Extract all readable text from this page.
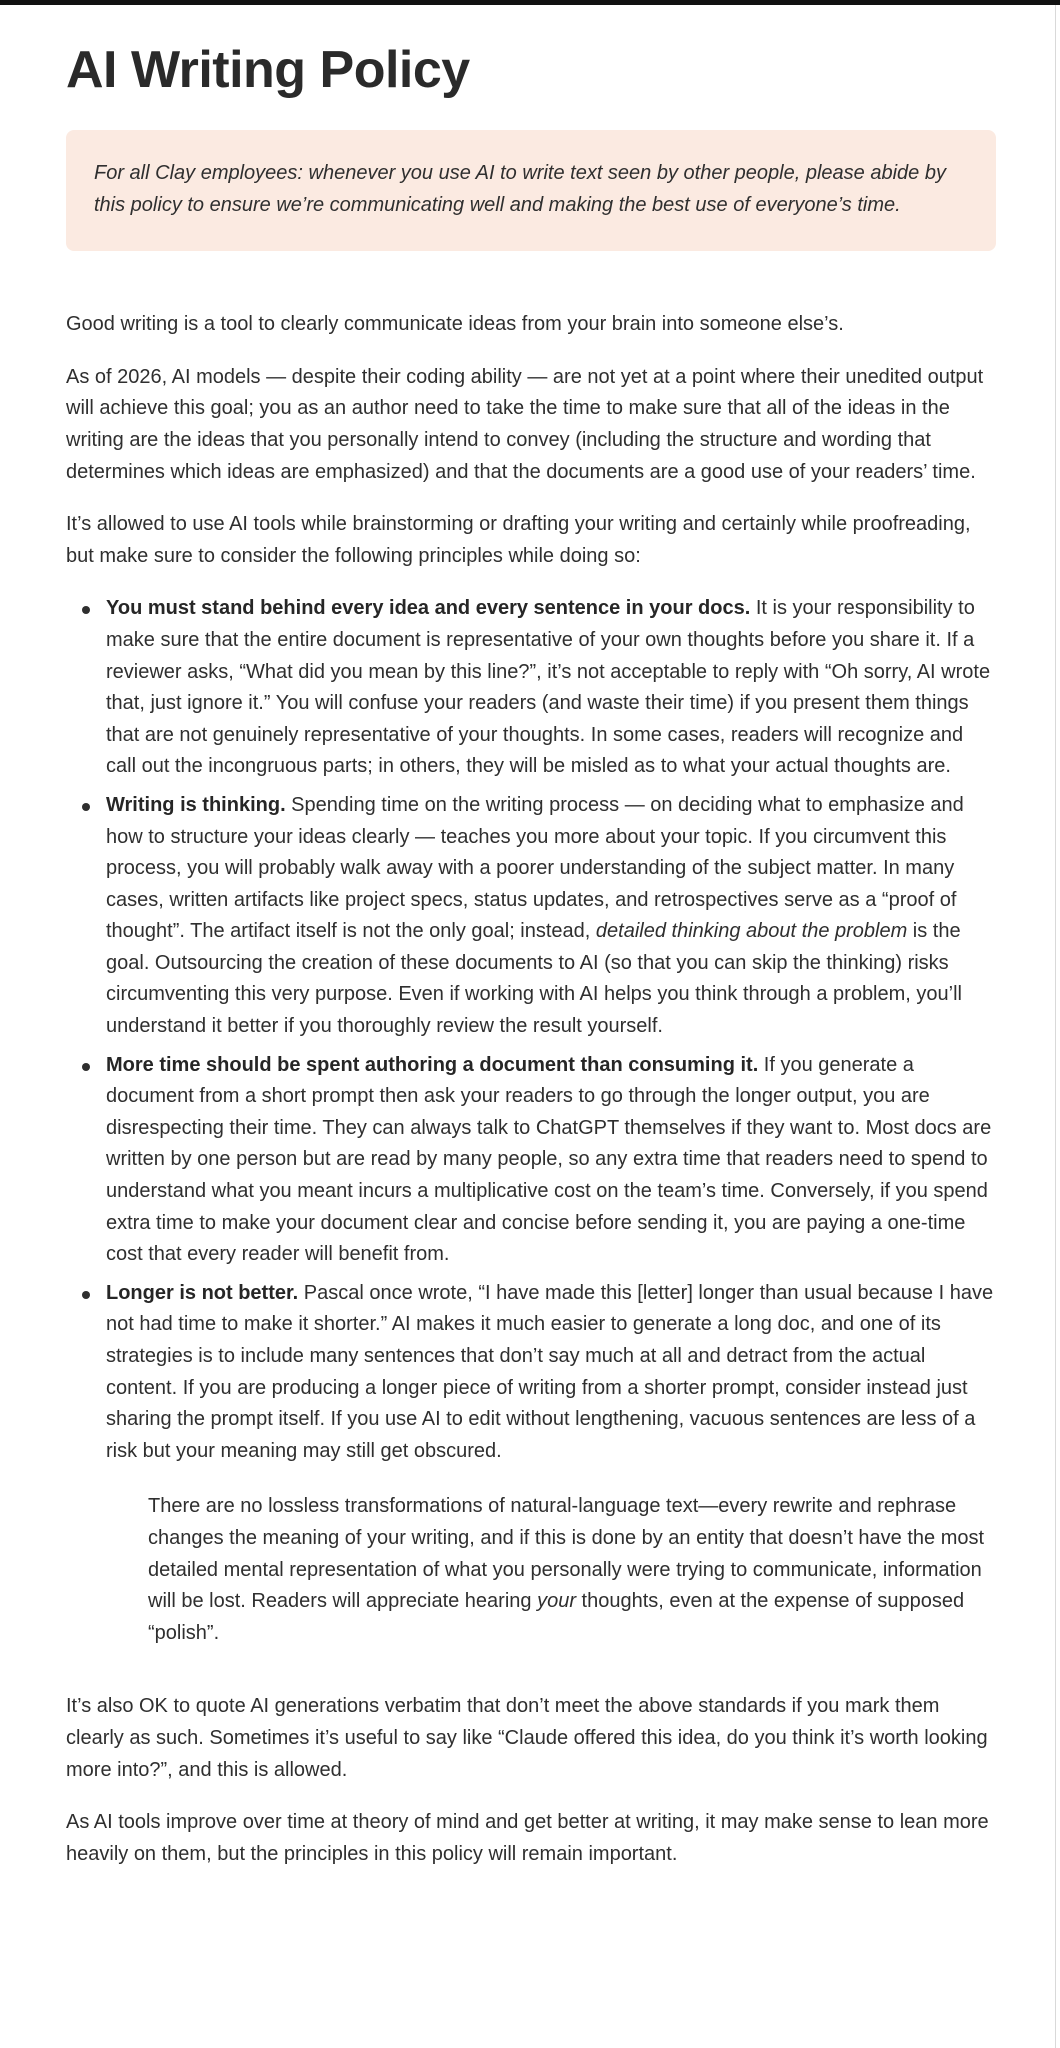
AI Writing Policy
For all Clay employees: whenever you use AI to write text seen by other people, please abide by this policy to ensure we’re communicating well and making the best use of everyone’s time.

Good writing is a tool to clearly communicate ideas from your brain into someone else’s.

As of 2026, AI models — despite their coding ability — are not yet at a point where their unedited output will achieve this goal; you as an author need to take the time to make sure that all of the ideas in the writing are the ideas that you personally intend to convey (including the structure and wording that determines which ideas are emphasized) and that the documents are a good use of your readers’ time.

It’s allowed to use AI tools while brainstorming or drafting your writing and certainly while proofreading, but make sure to consider the following principles while doing so:

You must stand behind every idea and every sentence in your docs. It is your responsibility to make sure that the entire document is representative of your own thoughts before you share it. If a reviewer asks, “What did you mean by this line?”, it’s not acceptable to reply with “Oh sorry, AI wrote that, just ignore it.” You will confuse your readers (and waste their time) if you present them things that are not genuinely representative of your thoughts. In some cases, readers will recognize and call out the incongruous parts; in others, they will be misled as to what your actual thoughts are.
Writing is thinking. Spending time on the writing process — on deciding what to emphasize and how to structure your ideas clearly — teaches you more about your topic. If you circumvent this process, you will probably walk away with a poorer understanding of the subject matter. In many cases, written artifacts like project specs, status updates, and retrospectives serve as a “proof of thought”. The artifact itself is not the only goal; instead, detailed thinking about the problem is the goal. Outsourcing the creation of these documents to AI (so that you can skip the thinking) risks circumventing this very purpose. Even if working with AI helps you think through a problem, you’ll understand it better if you thoroughly review the result yourself.
More time should be spent authoring a document than consuming it. If you generate a document from a short prompt then ask your readers to go through the longer output, you are disrespecting their time. They can always talk to ChatGPT themselves if they want to. Most docs are written by one person but are read by many people, so any extra time that readers need to spend to understand what you meant incurs a multiplicative cost on the team’s time. Conversely, if you spend extra time to make your document clear and concise before sending it, you are paying a one-time cost that every reader will benefit from.
Longer is not better. Pascal once wrote, “I have made this [letter] longer than usual because I have not had time to make it shorter.” AI makes it much easier to generate a long doc, and one of its strategies is to include many sentences that don’t say much at all and detract from the actual content. If you are producing a longer piece of writing from a shorter prompt, consider instead just sharing the prompt itself. If you use AI to edit without lengthening, vacuous sentences are less of a risk but your meaning may still get obscured.
There are no lossless transformations of natural-language text—every rewrite and rephrase changes the meaning of your writing, and if this is done by an entity that doesn’t have the most detailed mental representation of what you personally were trying to communicate, information will be lost. Readers will appreciate hearing your thoughts, even at the expense of supposed “polish”.

It’s also OK to quote AI generations verbatim that don’t meet the above standards if you mark them clearly as such. Sometimes it’s useful to say like “Claude offered this idea, do you think it’s worth looking more into?”, and this is allowed.

As AI tools improve over time at theory of mind and get better at writing, it may make sense to lean more heavily on them, but the principles in this policy will remain important.
